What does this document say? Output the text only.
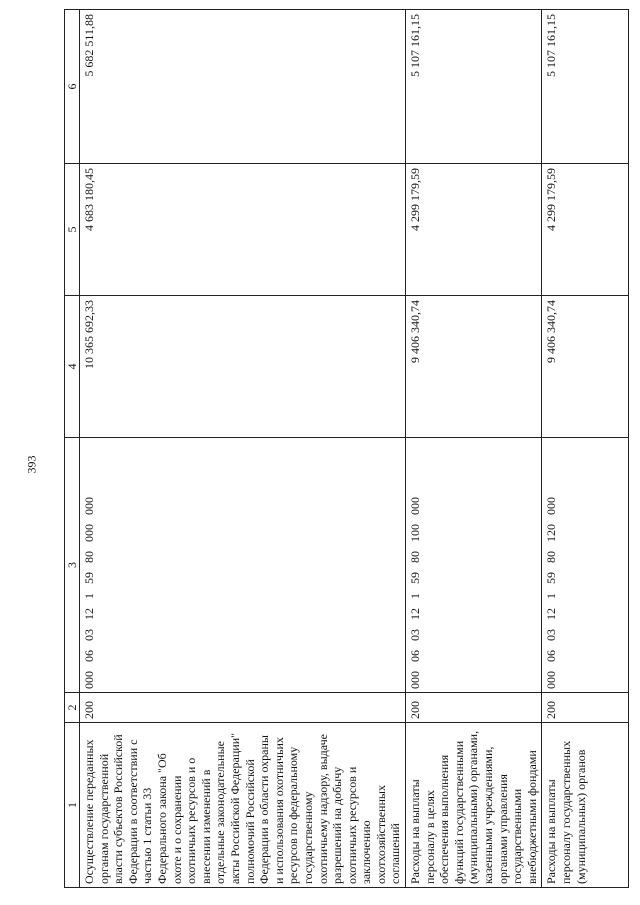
393
1	2	3	4	5	6
Осуществление переданных органам государственной власти субъектов Российской Федерации в соответствии с частью 1 статьи 33 Федерального закона "Об охоте и о сохранении охотничьих ресурсов и о внесении изменений в отдельные законодательные акты Российской Федерации" полномочий Российской Федерации в области охраны и использования охотничьих ресурсов по федеральному государственному охотничьему надзору, выдаче разрешений на добычу охотничьих ресурсов и заключению охотхозяйственных соглашений	200	000 06 03 12 1 59 80 000 000	10 365 692,33	4 683 180,45	5 682 511,88
Расходы на выплаты персоналу в целях обеспечения выполнения функций государственными (муниципальными) органами, казенными учреждениями, органами управления государственными внебюджетными фондами	200	000 06 03 12 1 59 80 100 000	9 406 340,74	4 299 179,59	5 107 161,15
Расходы на выплаты персоналу государственных (муниципальных) органов	200	000 06 03 12 1 59 80 120 000	9 406 340,74	4 299 179,59	5 107 161,15
